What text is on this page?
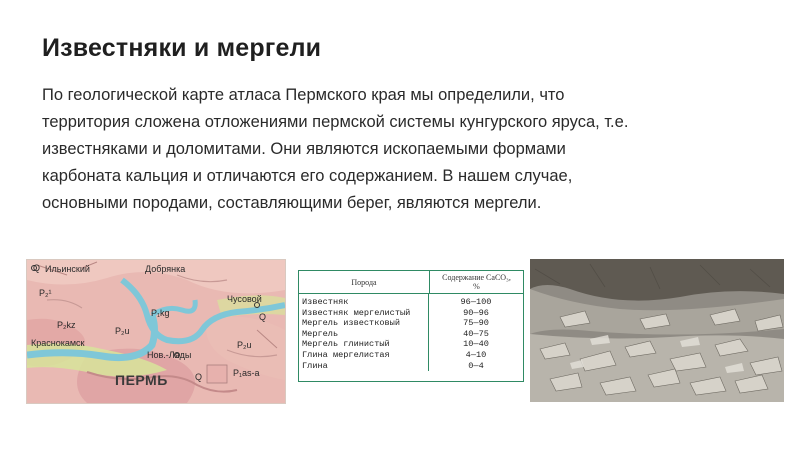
Известняки и мергели
По геологической карте атласа Пермского края мы определили, что
территория сложена отложениями пермской системы кунгурского яруса, т.е.
известняками и доломитами. Они являются ископаемыми формами
карбоната кальция и отличаются его содержанием. В нашем случае,
основными породами, составляющими берег, являются мергели.
Q Ильинский	Добрянка
P₂¹
P₂kz
P₂u
P₁kg
Чусовой
Q
Краснокамск
Нов.-Ляды
P₂u
P₁as-a
Q
ПЕРМЬ
Порода	Содержание CaCO₃,
%
Известняк
Известняк мергелистый
Мергель известковый
Мергель
Мергель глинистый
Глина мергелистая
Глина
96—100
90—96
75—90
40—75
10—40
4—10
0—4
